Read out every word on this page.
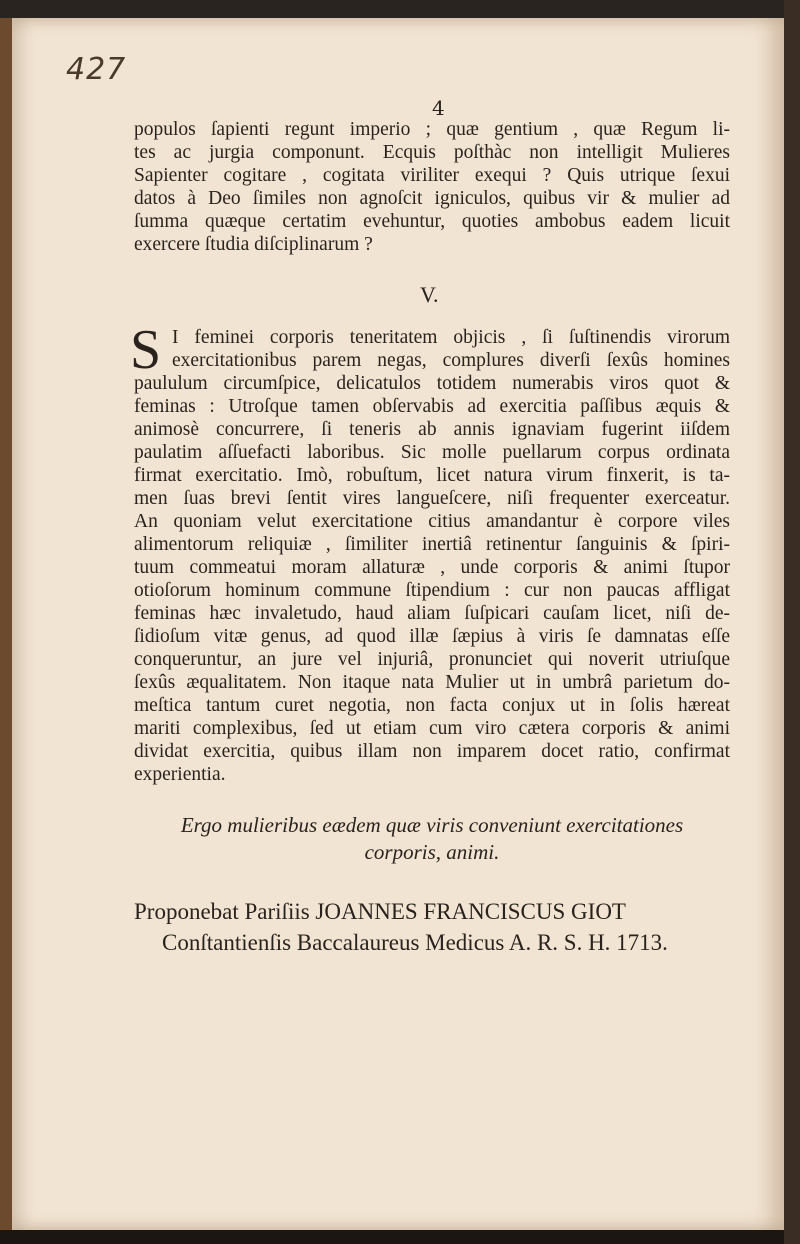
427
4
populos ſapienti regunt imperio ; quæ gentium , quæ Regum li-
tes ac jurgia componunt. Ecquis poſthàc non intelligit Mulieres
Sapienter cogitare , cogitata viriliter exequi ? Quis utrique ſexui
datos à Deo ſimiles non agnoſcit igniculos, quibus vir & mulier ad
ſumma quæque certatim evehuntur, quoties ambobus eadem licuit
exercere ſtudia diſciplinarum ?
V.
S I feminei corporis teneritatem objicis , ſi ſuſtinendis virorum
exercitationibus parem negas, complures diverſi ſexûs homines
paululum circumſpice, delicatulos totidem numerabis viros quot &
feminas : Utroſque tamen obſervabis ad exercitia paſſibus æquis &
animosè concurrere, ſi teneris ab annis ignaviam fugerint iiſdem
paulatim aſſuefacti laboribus. Sic molle puellarum corpus ordinata
firmat exercitatio. Imò, robuſtum, licet natura virum finxerit, is ta-
men ſuas brevi ſentit vires langueſcere, niſi frequenter exerceatur.
An quoniam velut exercitatione citius amandantur è corpore viles
alimentorum reliquiæ , ſimiliter inertiâ retinentur ſanguinis & ſpiri-
tuum commeatui moram allaturæ , unde corporis & animi ſtupor
otioſorum hominum commune ſtipendium : cur non paucas affligat
feminas hæc invaletudo, haud aliam ſuſpicari cauſam licet, niſi de-
ſidioſum vitæ genus, ad quod illæ ſæpius à viris ſe damnatas eſſe
conqueruntur, an jure vel injuriâ, pronunciet qui noverit utriuſque
ſexûs æqualitatem. Non itaque nata Mulier ut in umbrâ parietum do-
meſtica tantum curet negotia, non facta conjux ut in ſolis hæreat
mariti complexibus, ſed ut etiam cum viro cætera corporis & animi
dividat exercitia, quibus illam non imparem docet ratio, confirmat
experientia.
Ergo mulieribus eædem quæ viris conveniunt exercitationes
corporis, animi.
Proponebat Pariſiis JOANNES FRANCISCUS GIOT
Conſtantienſis Baccalaureus Medicus A. R. S. H. 1713.
